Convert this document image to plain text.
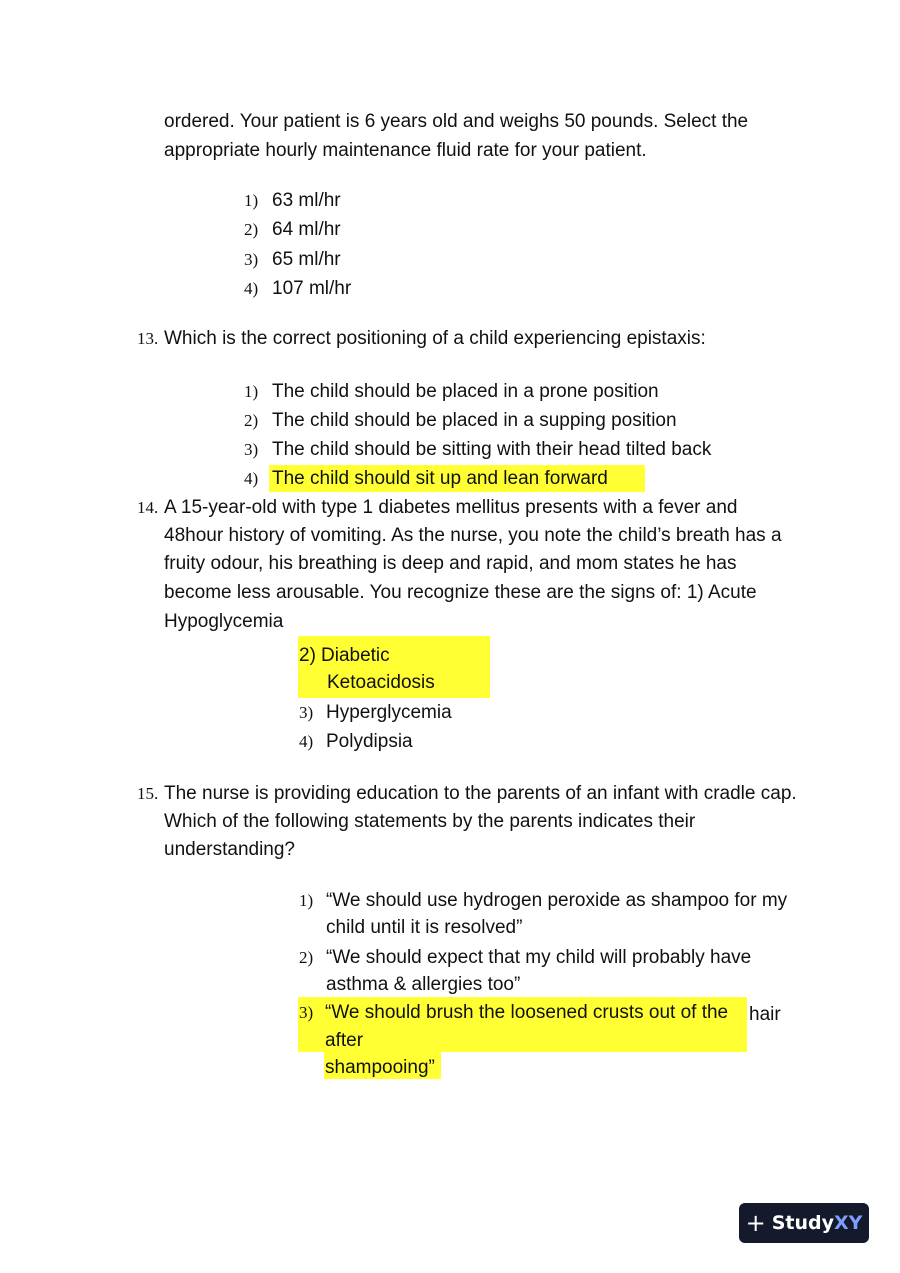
ordered. Your patient is 6 years old and weighs 50 pounds. Select the
appropriate hourly maintenance fluid rate for your patient.
1) 63 ml/hr
2) 64 ml/hr
3) 65 ml/hr
4) 107 ml/hr
13. Which is the correct positioning of a child experiencing epistaxis:
1) The child should be placed in a prone position
2) The child should be placed in a supping position
3) The child should be sitting with their head tilted back
4) The child should sit up and lean forward
14. A 15-year-old with type 1 diabetes mellitus presents with a fever and
48hour history of vomiting. As the nurse, you note the child’s breath has a
fruity odour, his breathing is deep and rapid, and mom states he has
become less arousable. You recognize these are the signs of: 1) Acute
Hypoglycemia
2) Diabetic
Ketoacidosis
3) Hyperglycemia
4) Polydipsia
15. The nurse is providing education to the parents of an infant with cradle cap.
Which of the following statements by the parents indicates their
understanding?
1) “We should use hydrogen peroxide as shampoo for my
child until it is resolved”
2) “We should expect that my child will probably have
asthma & allergies too”
3) “We should brush the loosened crusts out of the hair
after
shampooing”
+ StudyXY
